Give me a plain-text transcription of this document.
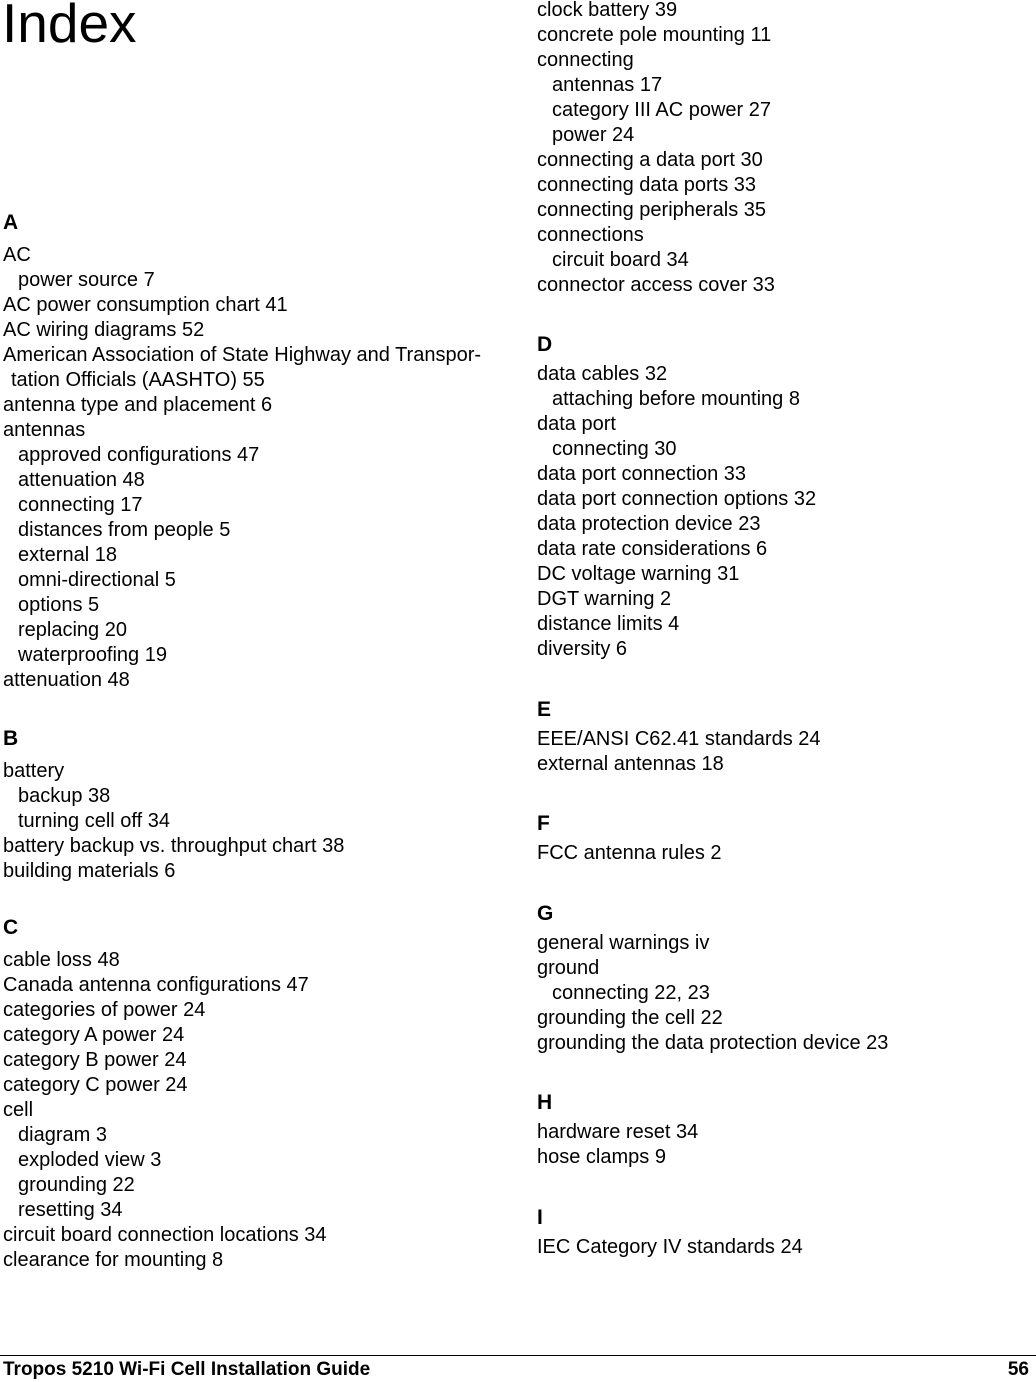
Index
A
AC
power source 7
AC power consumption chart 41
AC wiring diagrams 52
American Association of State Highway and Transpor-
tation Officials (AASHTO) 55
antenna type and placement 6
antennas
approved configurations 47
attenuation 48
connecting 17
distances from people 5
external 18
omni-directional 5
options 5
replacing 20
waterproofing 19
attenuation 48
B
battery
backup 38
turning cell off 34
battery backup vs. throughput chart 38
building materials 6
C
cable loss 48
Canada antenna configurations 47
categories of power 24
category A power 24
category B power 24
category C power 24
cell
diagram 3
exploded view 3
grounding 22
resetting 34
circuit board connection locations 34
clearance for mounting 8
clock battery 39
concrete pole mounting 11
connecting
antennas 17
category III AC power 27
power 24
connecting a data port 30
connecting data ports 33
connecting peripherals 35
connections
circuit board 34
connector access cover 33
D
data cables 32
attaching before mounting 8
data port
connecting 30
data port connection 33
data port connection options 32
data protection device 23
data rate considerations 6
DC voltage warning 31
DGT warning 2
distance limits 4
diversity 6
E
EEE/ANSI C62.41 standards 24
external antennas 18
F
FCC antenna rules 2
G
general warnings iv
ground
connecting 22, 23
grounding the cell 22
grounding the data protection device 23
H
hardware reset 34
hose clamps 9
I
IEC Category IV standards 24
Tropos 5210 Wi-Fi Cell Installation Guide	56
